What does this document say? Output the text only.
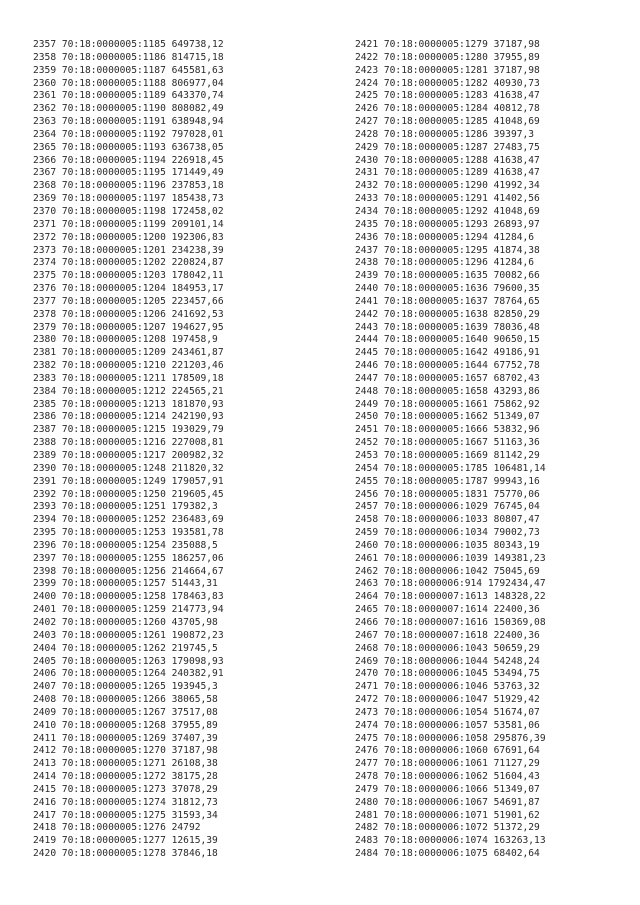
2357 70:18:0000005:1185 649738,12
2358 70:18:0000005:1186 814715,18
2359 70:18:0000005:1187 645581,63
2360 70:18:0000005:1188 806977,04
2361 70:18:0000005:1189 643370,74
2362 70:18:0000005:1190 808082,49
2363 70:18:0000005:1191 638948,94
2364 70:18:0000005:1192 797028,01
2365 70:18:0000005:1193 636738,05
2366 70:18:0000005:1194 226918,45
2367 70:18:0000005:1195 171449,49
2368 70:18:0000005:1196 237853,18
2369 70:18:0000005:1197 185438,73
2370 70:18:0000005:1198 172458,02
2371 70:18:0000005:1199 209101,14
2372 70:18:0000005:1200 192306,83
2373 70:18:0000005:1201 234238,39
2374 70:18:0000005:1202 220824,87
2375 70:18:0000005:1203 178042,11
2376 70:18:0000005:1204 184953,17
2377 70:18:0000005:1205 223457,66
2378 70:18:0000005:1206 241692,53
2379 70:18:0000005:1207 194627,95
2380 70:18:0000005:1208 197458,9
2381 70:18:0000005:1209 243461,87
2382 70:18:0000005:1210 221203,46
2383 70:18:0000005:1211 178509,18
2384 70:18:0000005:1212 224565,21
2385 70:18:0000005:1213 181870,93
2386 70:18:0000005:1214 242190,93
2387 70:18:0000005:1215 193029,79
2388 70:18:0000005:1216 227008,81
2389 70:18:0000005:1217 200982,32
2390 70:18:0000005:1248 211820,32
2391 70:18:0000005:1249 179057,91
2392 70:18:0000005:1250 219605,45
2393 70:18:0000005:1251 179382,3
2394 70:18:0000005:1252 236483,69
2395 70:18:0000005:1253 193581,78
2396 70:18:0000005:1254 235088,5
2397 70:18:0000005:1255 186257,06
2398 70:18:0000005:1256 214664,67
2399 70:18:0000005:1257 51443,31
2400 70:18:0000005:1258 178463,83
2401 70:18:0000005:1259 214773,94
2402 70:18:0000005:1260 43705,98
2403 70:18:0000005:1261 190872,23
2404 70:18:0000005:1262 219745,5
2405 70:18:0000005:1263 179098,93
2406 70:18:0000005:1264 240382,91
2407 70:18:0000005:1265 193945,3
2408 70:18:0000005:1266 38065,58
2409 70:18:0000005:1267 37517,08
2410 70:18:0000005:1268 37955,89
2411 70:18:0000005:1269 37407,39
2412 70:18:0000005:1270 37187,98
2413 70:18:0000005:1271 26108,38
2414 70:18:0000005:1272 38175,28
2415 70:18:0000005:1273 37078,29
2416 70:18:0000005:1274 31812,73
2417 70:18:0000005:1275 31593,34
2418 70:18:0000005:1276 24792
2419 70:18:0000005:1277 12615,39
2420 70:18:0000005:1278 37846,18
2421 70:18:0000005:1279 37187,98
2422 70:18:0000005:1280 37955,89
2423 70:18:0000005:1281 37187,98
2424 70:18:0000005:1282 40930,73
2425 70:18:0000005:1283 41638,47
2426 70:18:0000005:1284 40812,78
2427 70:18:0000005:1285 41048,69
2428 70:18:0000005:1286 39397,3
2429 70:18:0000005:1287 27483,75
2430 70:18:0000005:1288 41638,47
2431 70:18:0000005:1289 41638,47
2432 70:18:0000005:1290 41992,34
2433 70:18:0000005:1291 41402,56
2434 70:18:0000005:1292 41048,69
2435 70:18:0000005:1293 26893,97
2436 70:18:0000005:1294 41284,6
2437 70:18:0000005:1295 41874,38
2438 70:18:0000005:1296 41284,6
2439 70:18:0000005:1635 70082,66
2440 70:18:0000005:1636 79600,35
2441 70:18:0000005:1637 78764,65
2442 70:18:0000005:1638 82850,29
2443 70:18:0000005:1639 78036,48
2444 70:18:0000005:1640 90650,15
2445 70:18:0000005:1642 49186,91
2446 70:18:0000005:1644 67752,78
2447 70:18:0000005:1657 68702,43
2448 70:18:0000005:1658 43293,86
2449 70:18:0000005:1661 75862,92
2450 70:18:0000005:1662 51349,07
2451 70:18:0000005:1666 53832,96
2452 70:18:0000005:1667 51163,36
2453 70:18:0000005:1669 81142,29
2454 70:18:0000005:1785 106481,14
2455 70:18:0000005:1787 99943,16
2456 70:18:0000005:1831 75770,06
2457 70:18:0000006:1029 76745,04
2458 70:18:0000006:1033 80807,47
2459 70:18:0000006:1034 79002,73
2460 70:18:0000006:1035 80343,19
2461 70:18:0000006:1039 149381,23
2462 70:18:0000006:1042 75045,69
2463 70:18:0000006:914 1792434,47
2464 70:18:0000007:1613 148328,22
2465 70:18:0000007:1614 22400,36
2466 70:18:0000007:1616 150369,08
2467 70:18:0000007:1618 22400,36
2468 70:18:0000006:1043 50659,29
2469 70:18:0000006:1044 54248,24
2470 70:18:0000006:1045 53494,75
2471 70:18:0000006:1046 53763,32
2472 70:18:0000006:1047 51929,42
2473 70:18:0000006:1054 51674,07
2474 70:18:0000006:1057 53581,06
2475 70:18:0000006:1058 295876,39
2476 70:18:0000006:1060 67691,64
2477 70:18:0000006:1061 71127,29
2478 70:18:0000006:1062 51604,43
2479 70:18:0000006:1066 51349,07
2480 70:18:0000006:1067 54691,87
2481 70:18:0000006:1071 51901,62
2482 70:18:0000006:1072 51372,29
2483 70:18:0000006:1074 163263,13
2484 70:18:0000006:1075 68402,64
